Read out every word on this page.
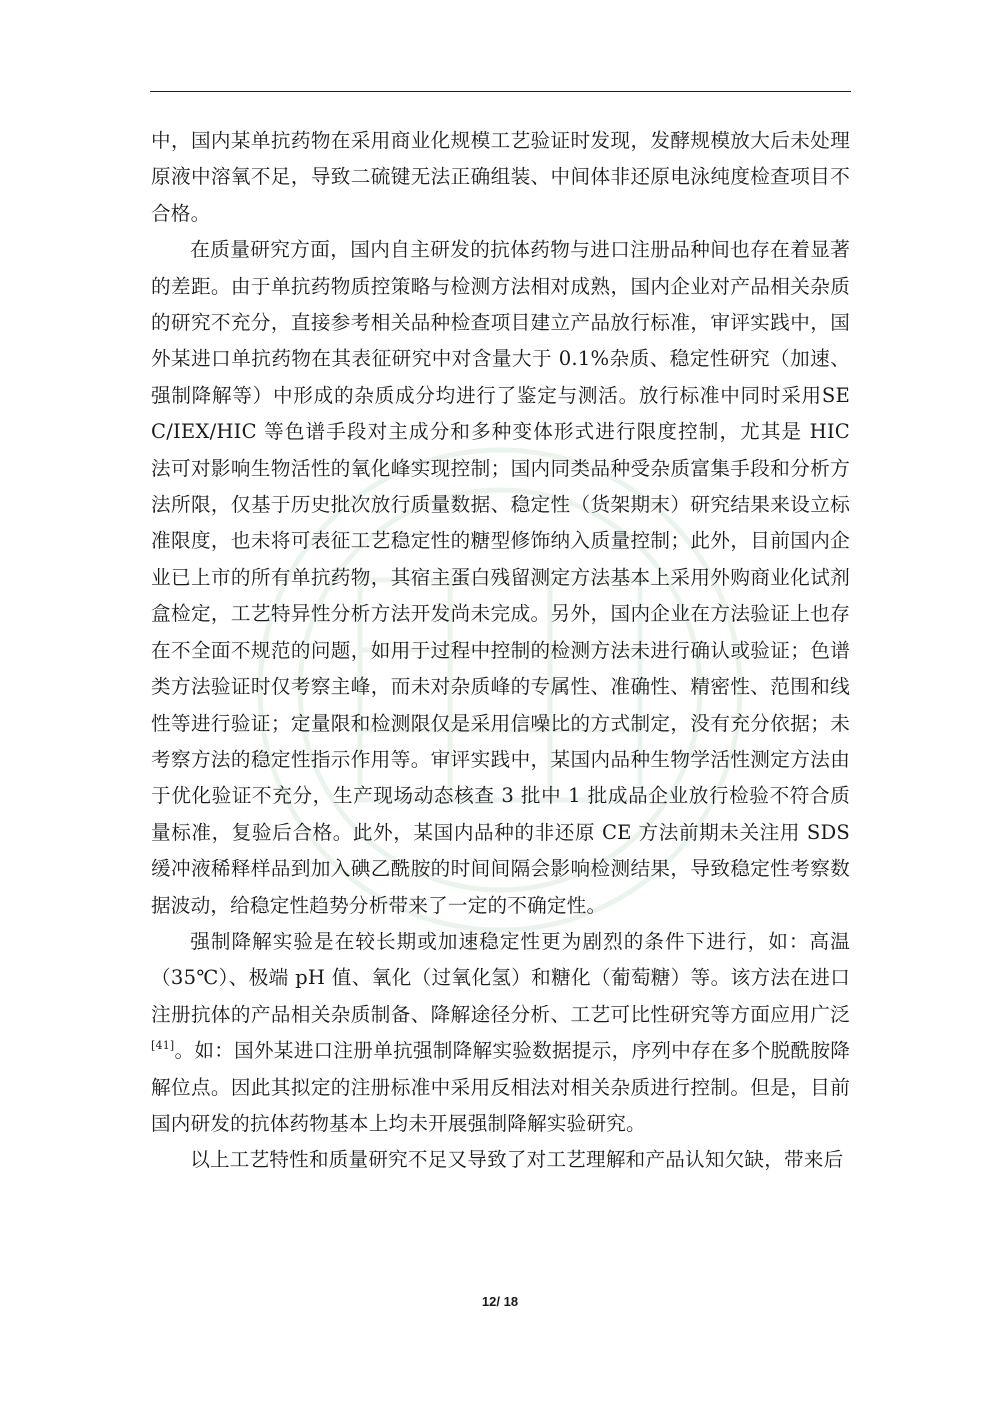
中，国内某单抗药物在采用商业化规模工艺验证时发现，发酵规模放大后未处理原液中溶氧不足，导致二硫键无法正确组装、中间体非还原电泳纯度检查项目不合格。

在质量研究方面，国内自主研发的抗体药物与进口注册品种间也存在着显著的差距。由于单抗药物质控策略与检测方法相对成熟，国内企业对产品相关杂质的研究不充分，直接参考相关品种检查项目建立产品放行标准，审评实践中，国外某进口单抗药物在其表征研究中对含量大于 0.1%杂质、稳定性研究（加速、强制降解等）中形成的杂质成分均进行了鉴定与测活。放行标准中同时采用SEC/IEX/HIC 等色谱手段对主成分和多种变体形式进行限度控制，尤其是 HIC 法可对影响生物活性的氧化峰实现控制；国内同类品种受杂质富集手段和分析方法所限，仅基于历史批次放行质量数据、稳定性（货架期末）研究结果来设立标准限度，也未将可表征工艺稳定性的糖型修饰纳入质量控制；此外，目前国内企业已上市的所有单抗药物，其宿主蛋白残留测定方法基本上采用外购商业化试剂盒检定，工艺特异性分析方法开发尚未完成。另外，国内企业在方法验证上也存在不全面不规范的问题，如用于过程中控制的检测方法未进行确认或验证；色谱类方法验证时仅考察主峰，而未对杂质峰的专属性、准确性、精密性、范围和线性等进行验证；定量限和检测限仅是采用信噪比的方式制定，没有充分依据；未考察方法的稳定性指示作用等。审评实践中，某国内品种生物学活性测定方法由于优化验证不充分，生产现场动态核查 3 批中 1 批成品企业放行检验不符合质量标准，复验后合格。此外，某国内品种的非还原 CE 方法前期未关注用 SDS 缓冲液稀释样品到加入碘乙酰胺的时间间隔会影响检测结果，导致稳定性考察数据波动，给稳定性趋势分析带来了一定的不确定性。

强制降解实验是在较长期或加速稳定性更为剧烈的条件下进行，如：高温（35℃）、极端 pH 值、氧化（过氧化氢）和糖化（葡萄糖）等。该方法在进口注册抗体的产品相关杂质制备、降解途径分析、工艺可比性研究等方面应用广泛[41]。如：国外某进口注册单抗强制降解实验数据提示，序列中存在多个脱酰胺降解位点。因此其拟定的注册标准中采用反相法对相关杂质进行控制。但是，目前国内研发的抗体药物基本上均未开展强制降解实验研究。

以上工艺特性和质量研究不足又导致了对工艺理解和产品认知欠缺，带来后

12/ 18
